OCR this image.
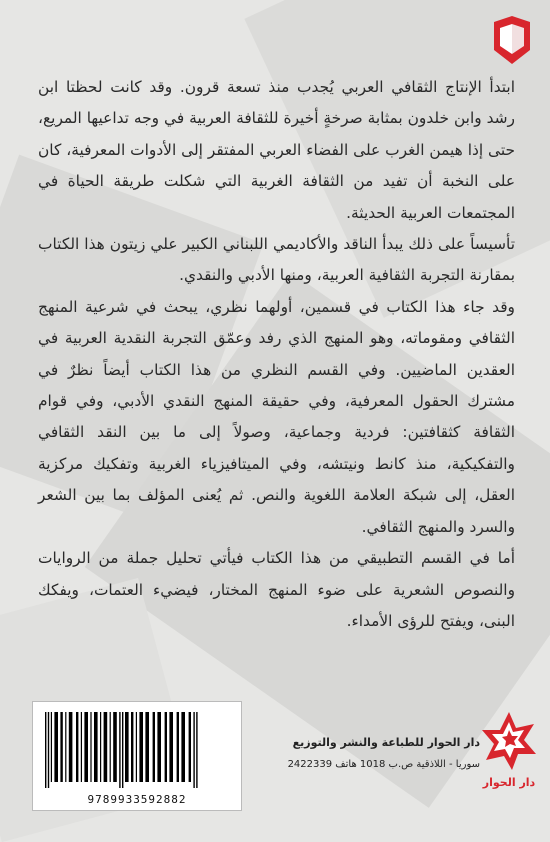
ابتدأ الإنتاج الثقافي العربي يُجدب منذ تسعة قرون. وقد كانت لحظتا ابن رشد وابن خلدون بمثابة صرخةٍ أخيرة للثقافة العربية في وجه تداعيها المريع، حتى إذا هيمن الغرب على الفضاء العربي المفتقر إلى الأدوات المعرفية، كان على النخبة أن تفيد من الثقافة الغربية التي شكلت طريقة الحياة في المجتمعات العربية الحديثة.

تأسيساً على ذلك يبدأ الناقد والأكاديمي اللبناني الكبير علي زيتون هذا الكتاب بمقارنة التجربة الثقافية العربية، ومنها الأدبي والنقدي.

وقد جاء هذا الكتاب في قسمين، أولهما نظري، يبحث في شرعية المنهج الثقافي ومقوماته، وهو المنهج الذي رفد وعمّق التجربة النقدية العربية في العقدين الماضيين. وفي القسم النظري من هذا الكتاب أيضاً نظرٌ في مشترك الحقول المعرفية، وفي حقيقة المنهج النقدي الأدبي، وفي قوام الثقافة كثقافتين: فردية وجماعية، وصولاً إلى ما بين النقد الثقافي والتفكيكية، منذ كانط ونيتشه، وفي الميتافيزياء الغربية وتفكيك مركزية العقل، إلى شبكة العلامة اللغوية والنص. ثم يُعنى المؤلف بما بين الشعر والسرد والمنهج الثقافي.

أما في القسم التطبيقي من هذا الكتاب فيأتي تحليل جملة من الروايات والنصوص الشعرية على ضوء المنهج المختار، فيضيء العتمات، ويفكك البنى، ويفتح للرؤى الأمداء.

9789933592882
دار الحوار للطباعة والنشر والتوزيع
سوريا - اللاذقية ص.ب 1018 هاتف 2422339
دار الحوار
